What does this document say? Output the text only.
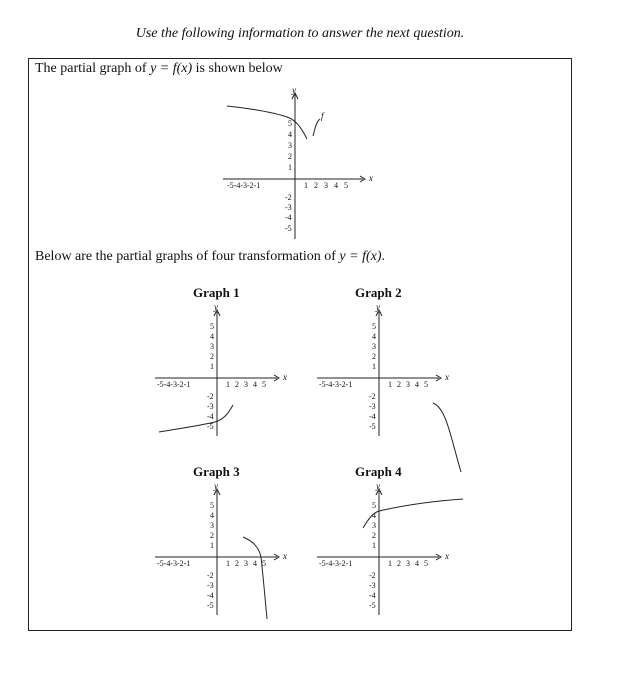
Use the following information to answer the next question.
The partial graph of y = f(x) is shown below
x
y
-5-4-3-2-1	1 2 3 4 5
5
4
3
2
1
-2
-3
-4
-5
f
Below are the partial graphs of four transformation of y = f(x).
Graph 1
x
y
-5-4-3-2-1	1 2 3 4 5
5
4
3
2
1
-2
-3
-4
-5
Graph 2
x
y
-5-4-3-2-1	1 2 3 4 5
5
4
3
2
1
-2
-3
-4
-5
Graph 3
x
y
-5-4-3-2-1	1 2 3 4 5
5
4
3
2
1
-2
-3
-4
-5
Graph 4
x
y
-5-4-3-2-1	1 2 3 4 5
5
4
3
2
1
-2
-3
-4
-5
